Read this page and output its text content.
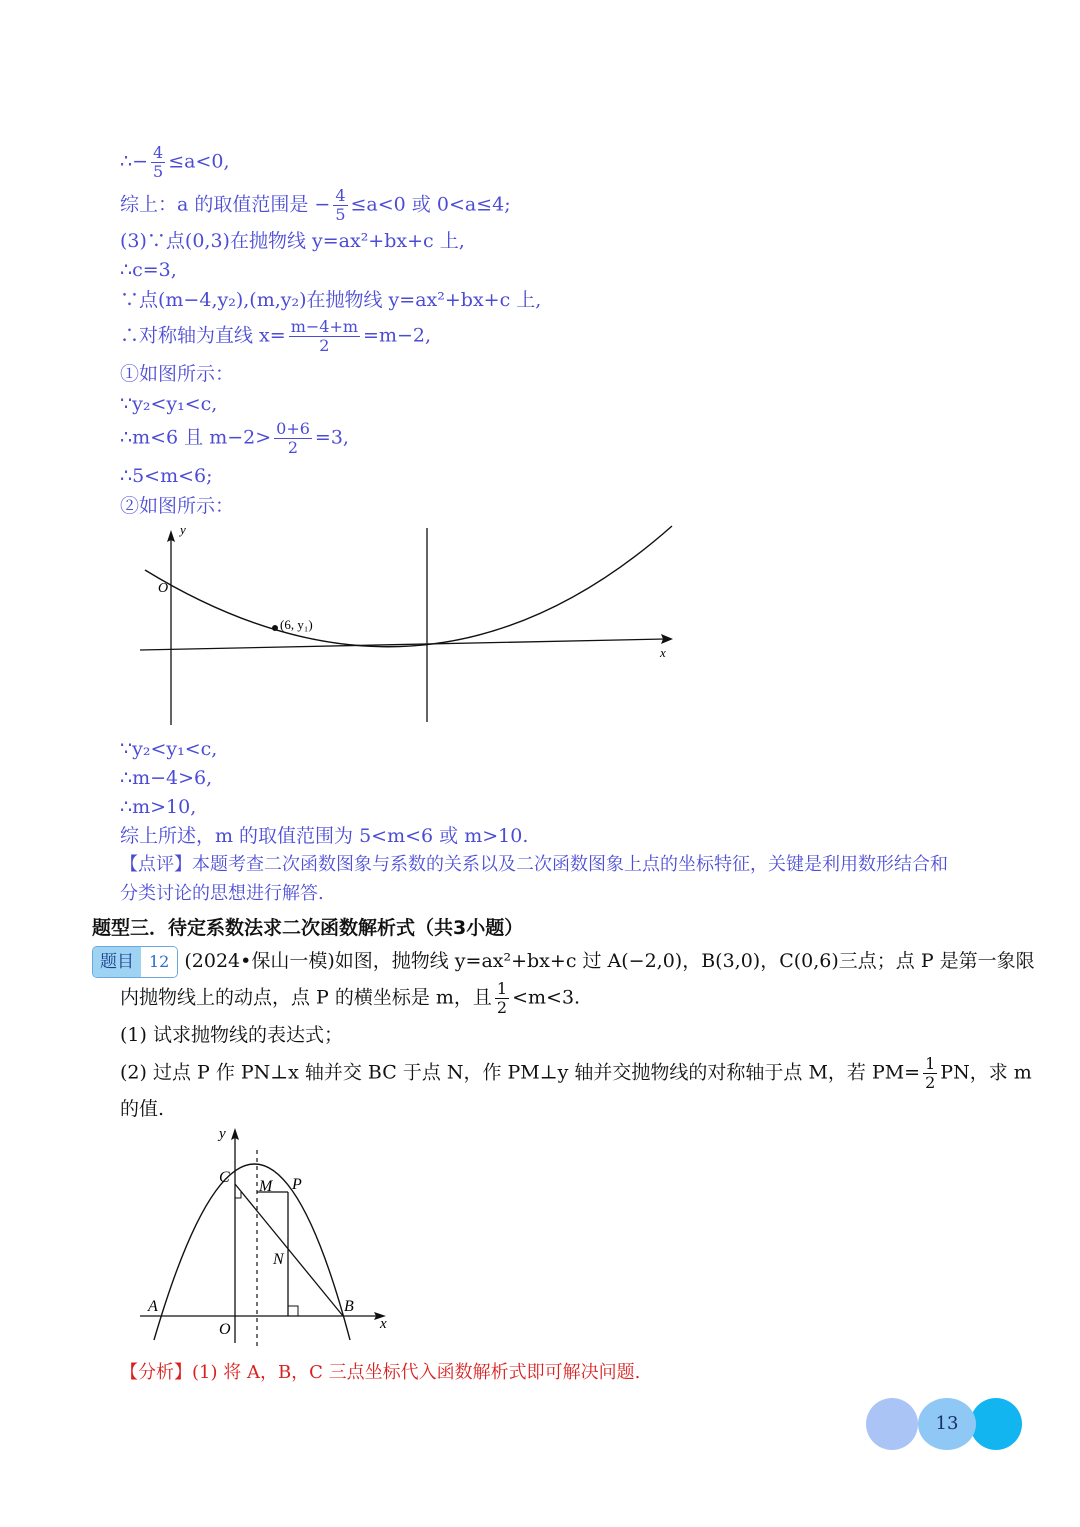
∴− $\frac{4}{5} \le a<0$,
综上：a 的取值范围是 − $\frac{4}{5} \le a<0$ 或 0<a≤4;
(3)∵点(0,3)在抛物线 y=ax²+bx+c 上,
∴c=3,
∵点(m−4,y₂),(m,y₂)在抛物线 y=ax²+bx+c 上,
∴对称轴为直线 $x= \frac{m-4+m}{2} =m-2$,
①如图所示：
∵y₂<y₁<c,
∴m<6 且 $m-2> \frac{0+6}{2} =3$,
∴5<m<6;
②如图所示：
y
x
O
(6, y₁)
∵y₂<y₁<c,
∴m−4>6,
∴m>10,
综上所述，m 的取值范围为 5<m<6 或 m>10.
【点评】本题考查二次函数图象与系数的关系以及二次函数图象上点的坐标特征，关键是利用数形结合和
分类讨论的思想进行解答.
题型三．待定系数法求二次函数解析式（共3小题）
题目 12 (2024•保山一模)如图，抛物线 y=ax²+bx+c 过 A(−2,0)，B(3,0)，C(0,6)三点；点 P 是第一象限
内抛物线上的动点，点 P 的横坐标是 m，且 $\frac{1}{2} <m<3$.
(1) 试求抛物线的表达式；
(2) 过点 P 作 PN⊥x 轴并交 BC 于点 N，作 PM⊥y 轴并交抛物线的对称轴于点 M，若 $PM= \frac{1}{2}$ PN，求 m
的值.
y
x
C
M P
N
A
O
B
【分析】(1) 将 A，B，C 三点坐标代入函数解析式即可解决问题.
13
